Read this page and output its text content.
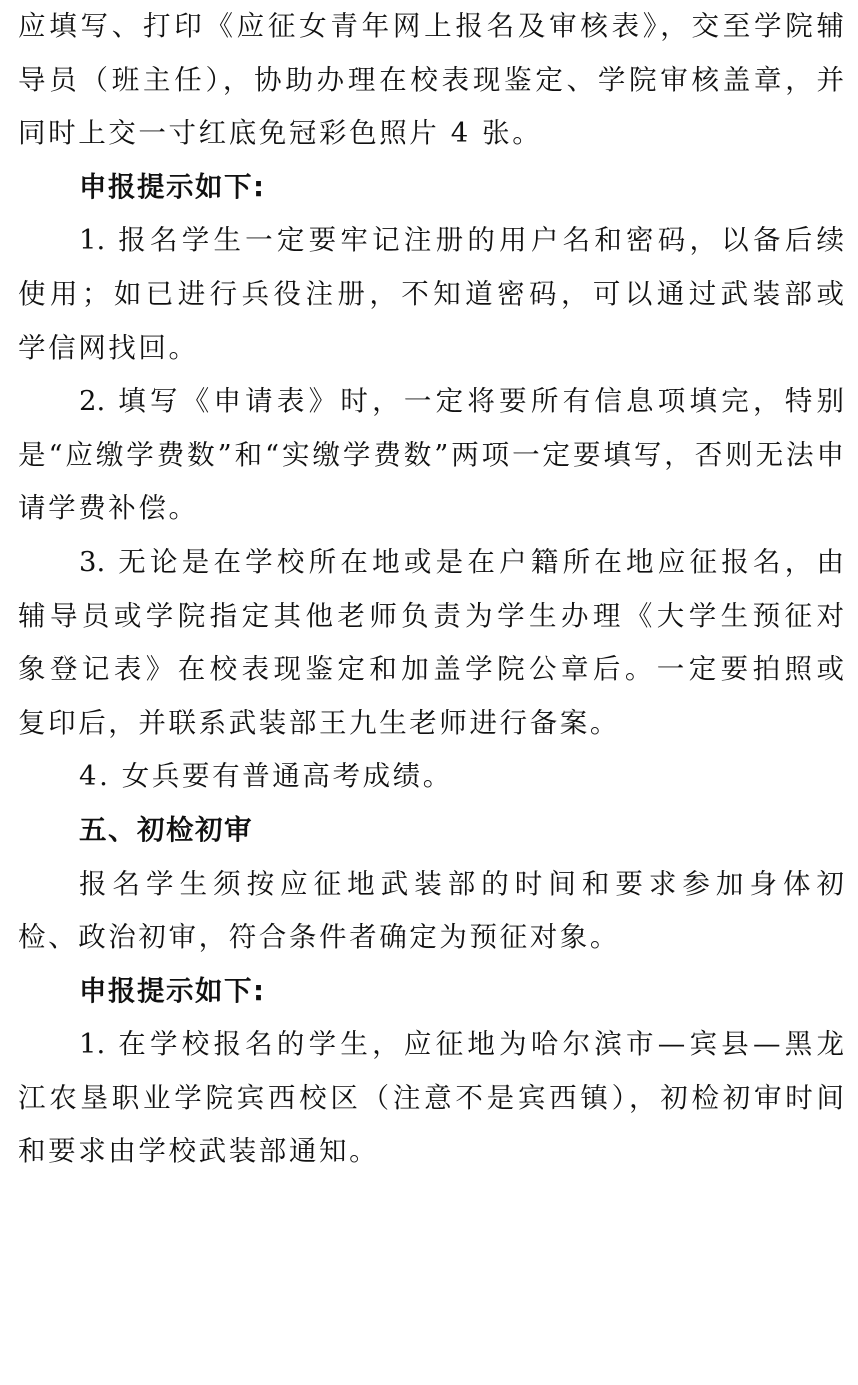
应填写、打印《应征女青年网上报名及审核表》，交至学院辅
导员（班主任），协助办理在校表现鉴定、学院审核盖章，并
同时上交一寸红底免冠彩色照片 4 张。
申报提示如下:
1. 报名学生一定要牢记注册的用户名和密码，以备后续
使用；如已进行兵役注册，不知道密码，可以通过武装部或
学信网找回。
2. 填写《申请表》时，一定将要所有信息项填完，特别
是“应缴学费数”和“实缴学费数”两项一定要填写，否则无法申
请学费补偿。
3. 无论是在学校所在地或是在户籍所在地应征报名，由
辅导员或学院指定其他老师负责为学生办理《大学生预征对
象登记表》在校表现鉴定和加盖学院公章后。一定要拍照或
复印后，并联系武装部王九生老师进行备案。
4. 女兵要有普通高考成绩。
五、初检初审
报名学生须按应征地武装部的时间和要求参加身体初
检、政治初审，符合条件者确定为预征对象。
申报提示如下:
1. 在学校报名的学生，应征地为哈尔滨市—宾县—黑龙
江农垦职业学院宾西校区（注意不是宾西镇），初检初审时间
和要求由学校武装部通知。
